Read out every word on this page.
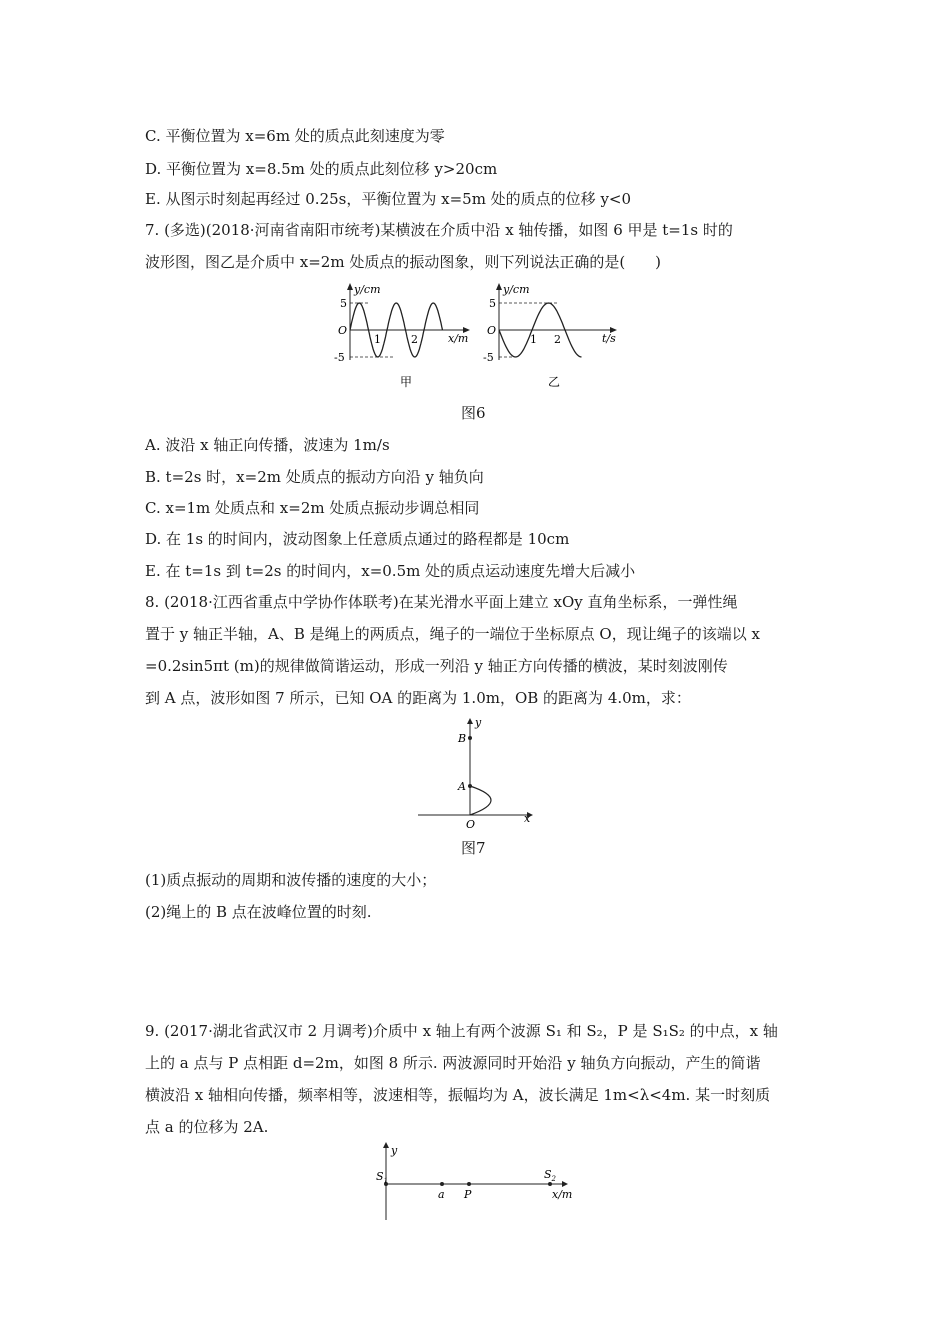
C. 平衡位置为 x=6m 处的质点此刻速度为零
D. 平衡位置为 x=8.5m 处的质点此刻位移 y>20cm
E. 从图示时刻起再经过 0.25s，平衡位置为 x=5m 处的质点的位移 y<0
7. (多选)(2018·河南省南阳市统考)某横波在介质中沿 x 轴传播，如图 6 甲是 t=1s 时的
波形图，图乙是介质中 x=2m 处质点的振动图象，则下列说法正确的是(　　)
y/cm
x/m
O
5
-5
1	2
甲
y/cm
t/s
O
5
-5
1 2
乙
图6
A. 波沿 x 轴正向传播，波速为 1m/s
B. t=2s 时，x=2m 处质点的振动方向沿 y 轴负向
C. x=1m 处质点和 x=2m 处质点振动步调总相同
D. 在 1s 的时间内，波动图象上任意质点通过的路程都是 10cm
E. 在 t=1s 到 t=2s 的时间内，x=0.5m 处的质点运动速度先增大后减小
8. (2018·江西省重点中学协作体联考)在某光滑水平面上建立 xOy 直角坐标系，一弹性绳
置于 y 轴正半轴，A、B 是绳上的两质点，绳子的一端位于坐标原点 O，现让绳子的该端以 x
=0.2sin5πt (m)的规律做简谐运动，形成一列沿 y 轴正方向传播的横波，某时刻波刚传
到 A 点，波形如图 7 所示，已知 OA 的距离为 1.0m，OB 的距离为 4.0m，求：
y
x
B
A
O
图7
(1)质点振动的周期和波传播的速度的大小；
(2)绳上的 B 点在波峰位置的时刻.
9. (2017·湖北省武汉市 2 月调考)介质中 x 轴上有两个波源 S₁ 和 S₂，P 是 S₁S₂ 的中点，x 轴
上的 a 点与 P 点相距 d=2m，如图 8 所示. 两波源同时开始沿 y 轴负方向振动，产生的简谐
横波沿 x 轴相向传播，频率相等，波速相等，振幅均为 A，波长满足 1m<λ<4m. 某一时刻质
点 a 的位移为 2A.
y
$S_1$	$S_2$
a P	x/m
